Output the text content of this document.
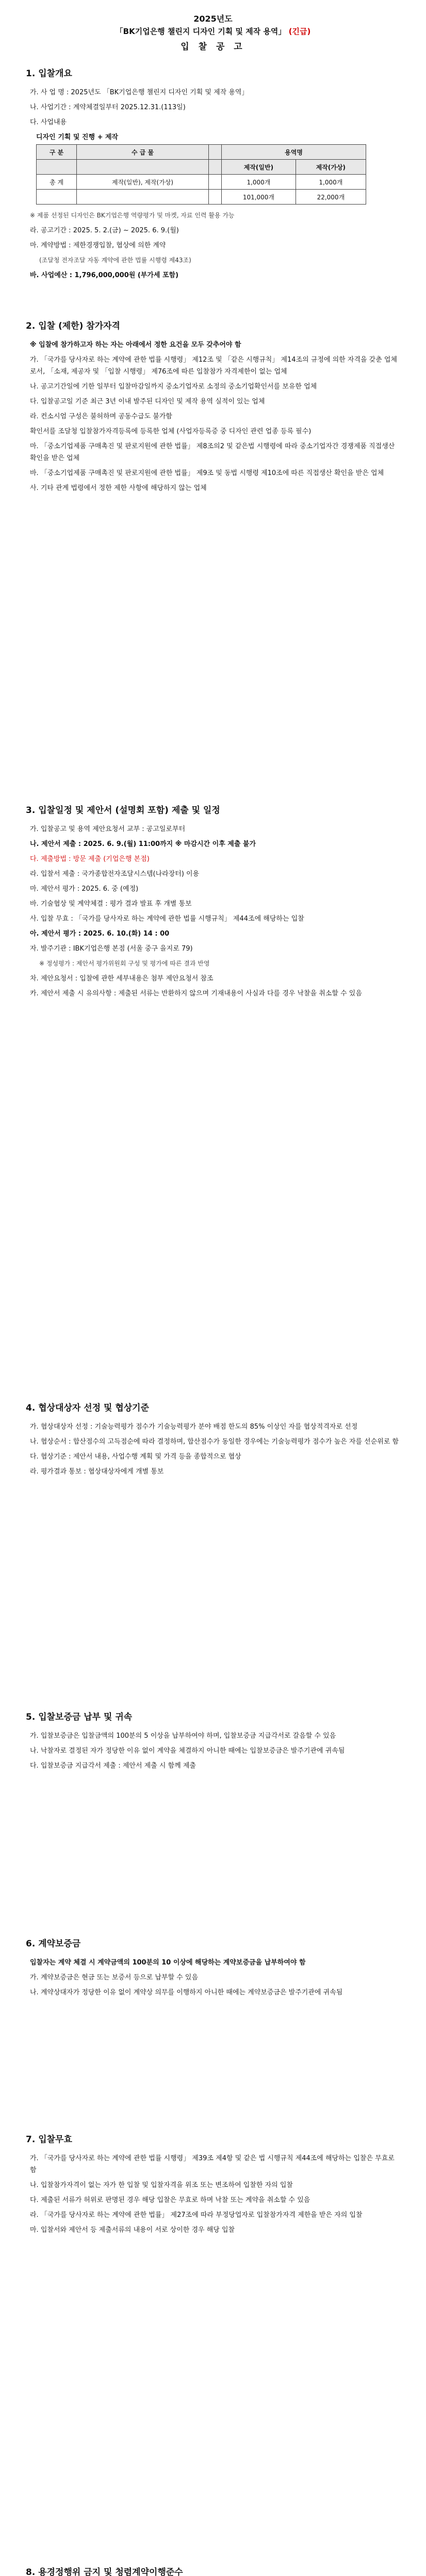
2025년도
「BK기업은행 챌린지 디자인 기획 및 제작 용역」 (긴급)
입 찰 공 고
1. 입찰개요
가. 사 업 명 : 2025년도 「BK기업은행 챌린지 디자인 기획 및 제작 용역」
나. 사업기간 : 계약체결일부터 2025.12.31.(113일)
다. 사업내용
디자인 기획 및 진행 + 제작
구 분	수 급 물		용역명	
			제작(일반)	제작(가상)
총 계	제작(일반), 제작(가상)		1,000개	1,000개
			101,000개	22,000개
※ 제품 선정된 디자인은 BK기업은행 역량평가 및 마켓, 자료 인력 활용 가능
라. 공고기간 : 2025. 5. 2.(금) ~ 2025. 6. 9.(월)
마. 계약방법 : 제한경쟁입찰, 협상에 의한 계약
(조달청 전자조달 자동 계약에 관한 법률 시행령 제43조)
바. 사업예산 : 1,796,000,000원 (부가세 포함)
2. 입찰 (제한) 참가자격
※ 입찰에 참가하고자 하는 자는 아래에서 정한 요건을 모두 갖추어야 함
가. 「국가를 당사자로 하는 계약에 관한 법률 시행령」 제12조 및 「같은 시행규칙」 제14조의 규정에 의한 자격을 갖춘 업체로서, 「소재, 제공자 및 「입찰 시행령」 제76조에 따른 입찰참가 자격제한이 없는 업체
나. 공고기간일에 기한 일부터 입찰마감일까지 중소기업자로 소정의 중소기업확인서를 보유한 업체
다. 입찰공고일 기준 최근 3년 이내 발주된 디자인 및 제작 용역 실적이 있는 업체
라. 컨소시엄 구성은 불허하며 공동수급도 불가함
확인서를 조달청 입찰참가자격등록에 등록한 업체 (사업자등록증 중 디자인 관련 업종 등록 필수)
마. 「중소기업제품 구매촉진 및 판로지원에 관한 법률」 제8조의2 및 같은법 시행령에 따라 중소기업자간 경쟁제품 직접생산확인을 받은 업체
바. 「중소기업제품 구매촉진 및 판로지원에 관한 법률」 제9조 및 동법 시행령 제10조에 따른 직접생산 확인을 받은 업체
사. 기타 관계 법령에서 정한 제한 사항에 해당하지 않는 업체
3. 입찰일정 및 제안서 (설명회 포함) 제출 및 일정
가. 입찰공고 및 용역 제안요청서 교부 : 공고일로부터
나. 제안서 제출 : 2025. 6. 9.(월) 11:00까지 ※ 마감시간 이후 제출 불가
다. 제출방법 : 방문 제출 (기업은행 본점)
라. 입찰서 제출 : 국가종합전자조달시스템(나라장터) 이용
마. 제안서 평가 : 2025. 6. 중 (예정)
바. 기술협상 및 계약체결 : 평가 결과 발표 후 개별 통보
사. 입찰 무효 : 「국가를 당사자로 하는 계약에 관한 법률 시행규칙」 제44조에 해당하는 입찰
아. 제안서 평가 : 2025. 6. 10.(화) 14 : 00
자. 발주기관 : IBK기업은행 본점 (서울 중구 을지로 79)
※ 정성평가 : 제안서 평가위원회 구성 및 평가에 따른 결과 반영
차. 제안요청서 : 입찰에 관한 세부내용은 첨부 제안요청서 참조
카. 제안서 제출 시 유의사항 : 제출된 서류는 반환하지 않으며 기재내용이 사실과 다를 경우 낙찰을 취소할 수 있음
4. 협상대상자 선정 및 협상기준
가. 협상대상자 선정 : 기술능력평가 점수가 기술능력평가 분야 배점 한도의 85% 이상인 자를 협상적격자로 선정
나. 협상순서 : 합산점수의 고득점순에 따라 결정하며, 합산점수가 동일한 경우에는 기술능력평가 점수가 높은 자를 선순위로 함
다. 협상기준 : 제안서 내용, 사업수행 계획 및 가격 등을 종합적으로 협상
라. 평가결과 통보 : 협상대상자에게 개별 통보
5. 입찰보증금 납부 및 귀속
가. 입찰보증금은 입찰금액의 100분의 5 이상을 납부하여야 하며, 입찰보증금 지급각서로 갈음할 수 있음
나. 낙찰자로 결정된 자가 정당한 이유 없이 계약을 체결하지 아니한 때에는 입찰보증금은 발주기관에 귀속됨
다. 입찰보증금 지급각서 제출 : 제안서 제출 시 함께 제출
6. 계약보증금
입찰자는 계약 체결 시 계약금액의 100분의 10 이상에 해당하는 계약보증금을 납부하여야 함
가. 계약보증금은 현금 또는 보증서 등으로 납부할 수 있음
나. 계약상대자가 정당한 이유 없이 계약상 의무를 이행하지 아니한 때에는 계약보증금은 발주기관에 귀속됨
7. 입찰무효
가. 「국가를 당사자로 하는 계약에 관한 법률 시행령」 제39조 제4항 및 같은 법 시행규칙 제44조에 해당하는 입찰은 무효로 함
나. 입찰참가자격이 없는 자가 한 입찰 및 입찰자격을 위조 또는 변조하여 입찰한 자의 입찰
다. 제출된 서류가 허위로 판명된 경우 해당 입찰은 무효로 하며 낙찰 또는 계약을 취소할 수 있음
라. 「국가를 당사자로 하는 계약에 관한 법률」 제27조에 따라 부정당업자로 입찰참가자격 제한을 받은 자의 입찰
마. 입찰서와 제안서 등 제출서류의 내용이 서로 상이한 경우 해당 입찰
8. 용경정행위 금지 및 청렴계약이행준수
